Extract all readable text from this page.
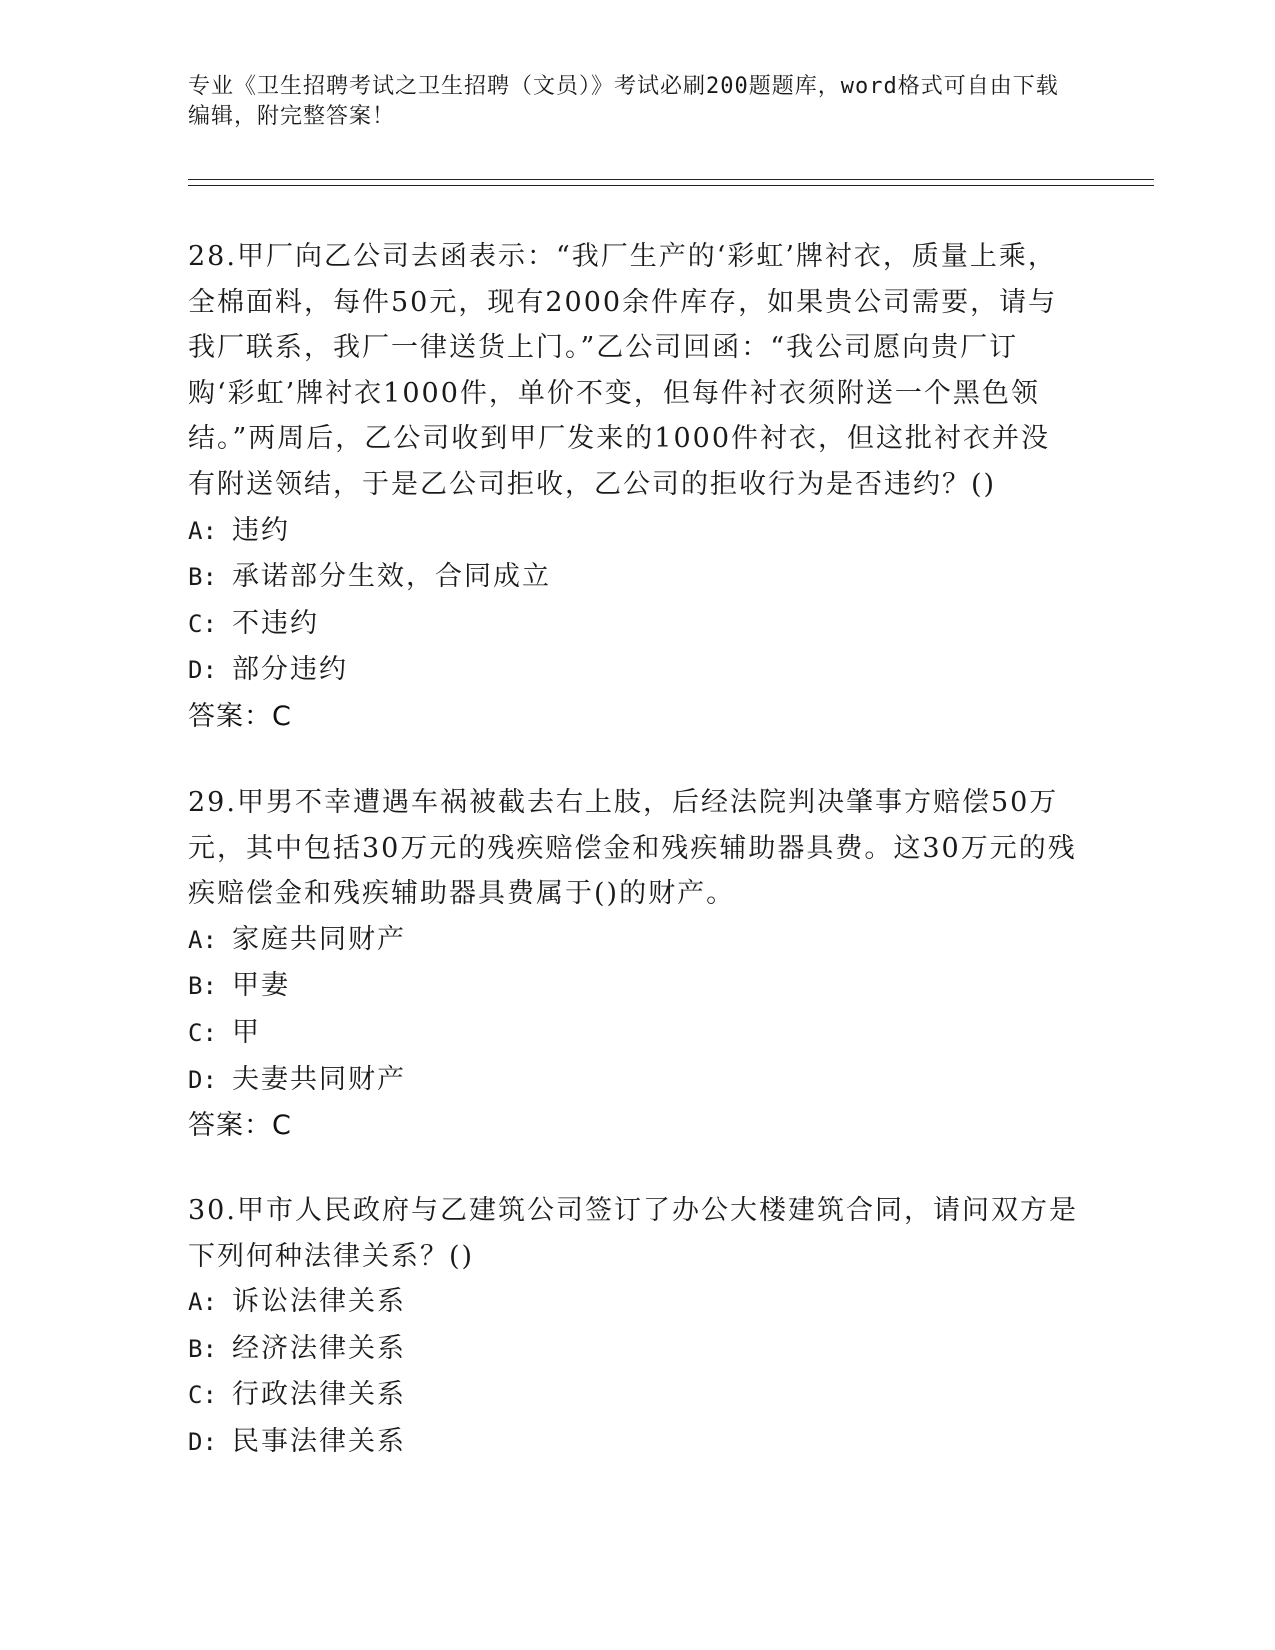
专业《卫生招聘考试之卫生招聘（文员）》考试必刷200题题库，word格式可自由下载编辑，附完整答案！

28.甲厂向乙公司去函表示：“我厂生产的‘彩虹’牌衬衣，质量上乘，全棉面料，每件50元，现有2000余件库存，如果贵公司需要，请与我厂联系，我厂一律送货上门。”乙公司回函：“我公司愿向贵厂订购‘彩虹’牌衬衣1000件，单价不变，但每件衬衣须附送一个黑色领结。”两周后，乙公司收到甲厂发来的1000件衬衣，但这批衬衣并没有附送领结，于是乙公司拒收，乙公司的拒收行为是否违约？()

A: 违约

B: 承诺部分生效，合同成立

C: 不违约

D: 部分违约

答案：C

29.甲男不幸遭遇车祸被截去右上肢，后经法院判决肇事方赔偿50万元，其中包括30万元的残疾赔偿金和残疾辅助器具费。这30万元的残疾赔偿金和残疾辅助器具费属于()的财产。

A: 家庭共同财产

B: 甲妻

C: 甲

D: 夫妻共同财产

答案：C

30.甲市人民政府与乙建筑公司签订了办公大楼建筑合同，请问双方是下列何种法律关系？()

A: 诉讼法律关系

B: 经济法律关系

C: 行政法律关系

D: 民事法律关系
